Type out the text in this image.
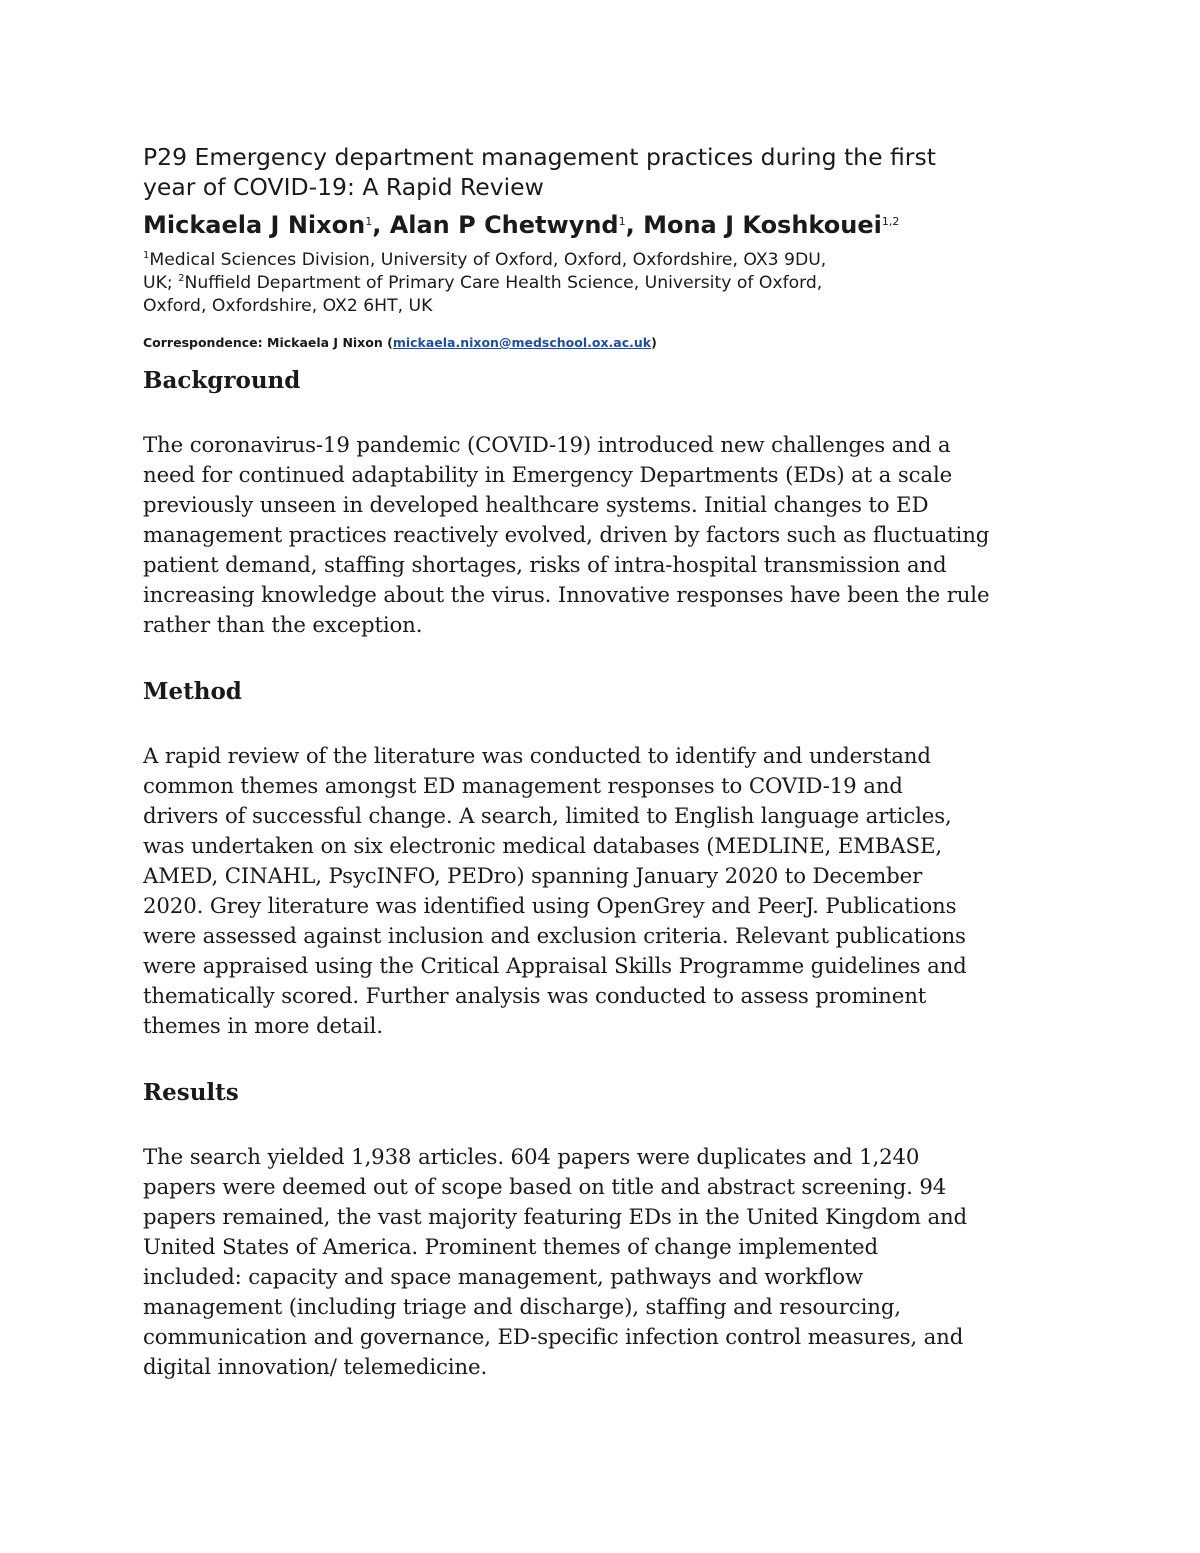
P29 Emergency department management practices during the first
year of COVID-19: A Rapid Review
Mickaela J Nixon$^1$, Alan P Chetwynd$^1$, Mona J Koshkouei$^{1,2}$
$^1$Medical Sciences Division, University of Oxford, Oxford, Oxfordshire, OX3 9DU,
UK; $^2$Nuffield Department of Primary Care Health Science, University of Oxford,
Oxford, Oxfordshire, OX2 6HT, UK
Correspondence: Mickaela J Nixon (mickaela.nixon@medschool.ox.ac.uk)
Background

The coronavirus-19 pandemic (COVID-19) introduced new challenges and a
need for continued adaptability in Emergency Departments (EDs) at a scale
previously unseen in developed healthcare systems. Initial changes to ED
management practices reactively evolved, driven by factors such as fluctuating
patient demand, staffing shortages, risks of intra-hospital transmission and
increasing knowledge about the virus. Innovative responses have been the rule
rather than the exception.

Method

A rapid review of the literature was conducted to identify and understand
common themes amongst ED management responses to COVID-19 and
drivers of successful change. A search, limited to English language articles,
was undertaken on six electronic medical databases (MEDLINE, EMBASE,
AMED, CINAHL, PsycINFO, PEDro) spanning January 2020 to December
2020. Grey literature was identified using OpenGrey and PeerJ. Publications
were assessed against inclusion and exclusion criteria. Relevant publications
were appraised using the Critical Appraisal Skills Programme guidelines and
thematically scored. Further analysis was conducted to assess prominent
themes in more detail.

Results

The search yielded 1,938 articles. 604 papers were duplicates and 1,240
papers were deemed out of scope based on title and abstract screening. 94
papers remained, the vast majority featuring EDs in the United Kingdom and
United States of America. Prominent themes of change implemented
included: capacity and space management, pathways and workflow
management (including triage and discharge), staffing and resourcing,
communication and governance, ED-specific infection control measures, and
digital innovation/ telemedicine.
